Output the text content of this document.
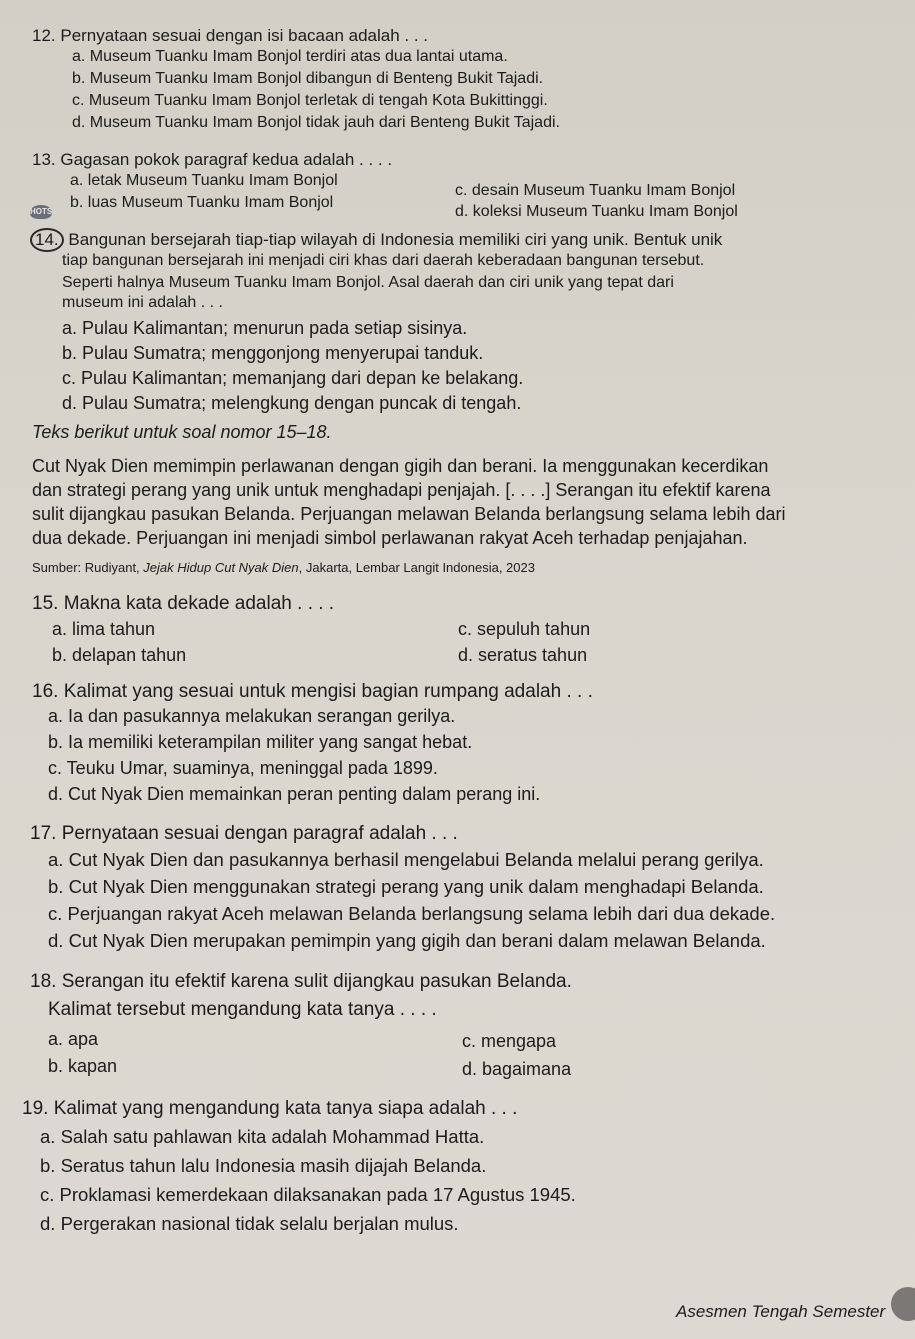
12. Pernyataan sesuai dengan isi bacaan adalah . . .
a. Museum Tuanku Imam Bonjol terdiri atas dua lantai utama.
b. Museum Tuanku Imam Bonjol dibangun di Benteng Bukit Tajadi.
c. Museum Tuanku Imam Bonjol terletak di tengah Kota Bukittinggi.
d. Museum Tuanku Imam Bonjol tidak jauh dari Benteng Bukit Tajadi.
13. Gagasan pokok paragraf kedua adalah . . . .
a. letak Museum Tuanku Imam Bonjol
c. desain Museum Tuanku Imam Bonjol
b. luas Museum Tuanku Imam Bonjol
d. koleksi Museum Tuanku Imam Bonjol
HOTS
14. Bangunan bersejarah tiap-tiap wilayah di Indonesia memiliki ciri yang unik. Bentuk unik
tiap bangunan bersejarah ini menjadi ciri khas dari daerah keberadaan bangunan tersebut.
Seperti halnya Museum Tuanku Imam Bonjol. Asal daerah dan ciri unik yang tepat dari
museum ini adalah . . .
a. Pulau Kalimantan; menurun pada setiap sisinya.
b. Pulau Sumatra; menggonjong menyerupai tanduk.
c. Pulau Kalimantan; memanjang dari depan ke belakang.
d. Pulau Sumatra; melengkung dengan puncak di tengah.
Teks berikut untuk soal nomor 15–18.
Cut Nyak Dien memimpin perlawanan dengan gigih dan berani. Ia menggunakan kecerdikan
dan strategi perang yang unik untuk menghadapi penjajah. [. . . .] Serangan itu efektif karena
sulit dijangkau pasukan Belanda. Perjuangan melawan Belanda berlangsung selama lebih dari
dua dekade. Perjuangan ini menjadi simbol perlawanan rakyat Aceh terhadap penjajahan.
Sumber: Rudiyant, Jejak Hidup Cut Nyak Dien, Jakarta, Lembar Langit Indonesia, 2023
15. Makna kata dekade adalah . . . .
a. lima tahun	c. sepuluh tahun
b. delapan tahun	d. seratus tahun
16. Kalimat yang sesuai untuk mengisi bagian rumpang adalah . . .
a. Ia dan pasukannya melakukan serangan gerilya.
b. Ia memiliki keterampilan militer yang sangat hebat.
c. Teuku Umar, suaminya, meninggal pada 1899.
d. Cut Nyak Dien memainkan peran penting dalam perang ini.
17. Pernyataan sesuai dengan paragraf adalah . . .
a. Cut Nyak Dien dan pasukannya berhasil mengelabui Belanda melalui perang gerilya.
b. Cut Nyak Dien menggunakan strategi perang yang unik dalam menghadapi Belanda.
c. Perjuangan rakyat Aceh melawan Belanda berlangsung selama lebih dari dua dekade.
d. Cut Nyak Dien merupakan pemimpin yang gigih dan berani dalam melawan Belanda.
18. Serangan itu efektif karena sulit dijangkau pasukan Belanda.
Kalimat tersebut mengandung kata tanya . . . .
a. apa	c. mengapa
b. kapan	d. bagaimana
19. Kalimat yang mengandung kata tanya siapa adalah . . .
a. Salah satu pahlawan kita adalah Mohammad Hatta.
b. Seratus tahun lalu Indonesia masih dijajah Belanda.
c. Proklamasi kemerdekaan dilaksanakan pada 17 Agustus 1945.
d. Pergerakan nasional tidak selalu berjalan mulus.
Asesmen Tengah Semester
